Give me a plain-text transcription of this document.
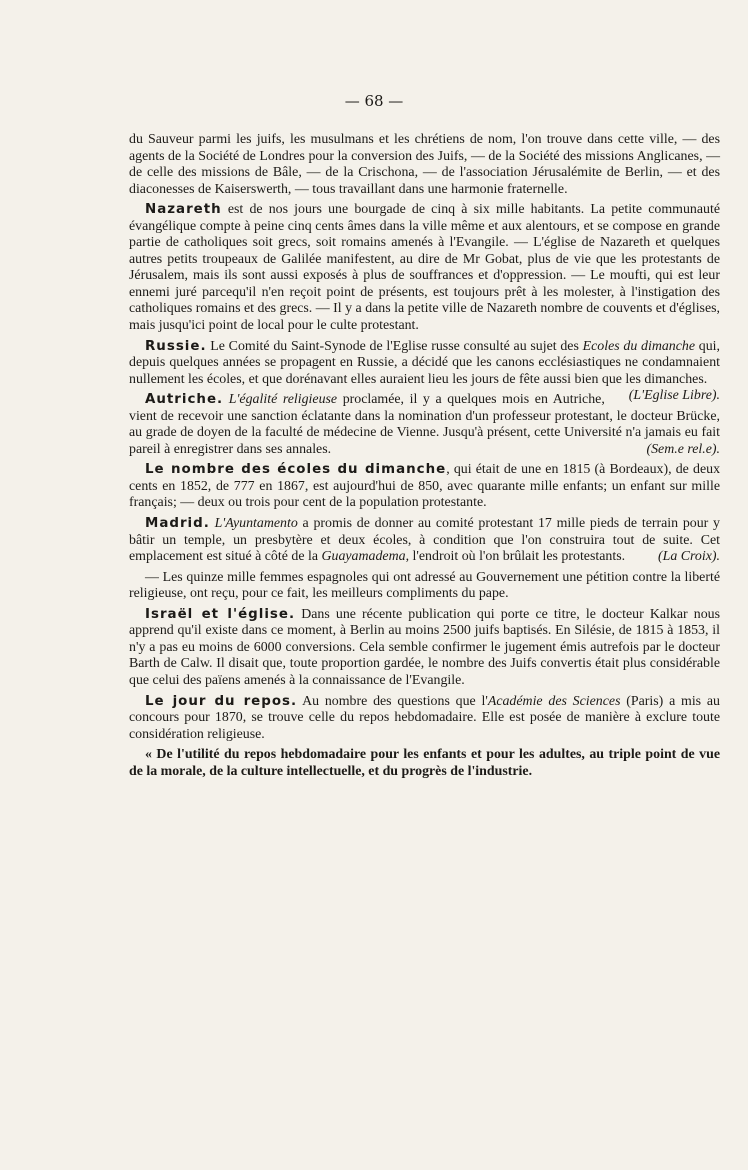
— 68 —

du Sauveur parmi les juifs, les musulmans et les chrétiens de nom, l'on trouve dans cette ville, — des agents de la Société de Londres pour la conversion des Juifs, — de la Société des missions Anglicanes, — de celle des missions de Bâle, — de la Crischona, — de l'association Jérusalémite de Berlin, — et des diaconesses de Kaiserswerth, — tous travaillant dans une harmonie fraternelle.

Nazareth est de nos jours une bourgade de cinq à six mille habitants. La petite communauté évangélique compte à peine cinq cents âmes dans la ville même et aux alentours, et se compose en grande partie de catholiques soit grecs, soit romains amenés à l'Evangile. — L'église de Nazareth et quelques autres petits troupeaux de Galilée manifestent, au dire de Mr Gobat, plus de vie que les protestants de Jérusalem, mais ils sont aussi exposés à plus de souffrances et d'oppression. — Le moufti, qui est leur ennemi juré parcequ'il n'en reçoit point de présents, est toujours prêt à les molester, à l'instigation des catholiques romains et des grecs. — Il y a dans la petite ville de Nazareth nombre de couvents et d'églises, mais jusqu'ici point de local pour le culte protestant.

Russie. Le Comité du Saint-Synode de l'Eglise russe consulté au sujet des Ecoles du dimanche qui, depuis quelques années se propagent en Russie, a décidé que les canons ecclésiastiques ne condamnaient nullement les écoles, et que dorénavant elles auraient lieu les jours de fête aussi bien que les dimanches.
(L'Eglise Libre).

Autriche. L'égalité religieuse proclamée, il y a quelques mois en Autriche, vient de recevoir une sanction éclatante dans la nomination d'un professeur protestant, le docteur Brücke, au grade de doyen de la faculté de médecine de Vienne. Jusqu'à présent, cette Université n'a jamais eu fait pareil à enregistrer dans ses annales.	(Sem.e rel.e).

Le nombre des écoles du dimanche, qui était de une en 1815 (à Bordeaux), de deux cents en 1852, de 777 en 1867, est aujourd'hui de 850, avec quarante mille enfants; un enfant sur mille français; — deux ou trois pour cent de la population protestante.

Madrid. L'Ayuntamento a promis de donner au comité protestant 17 mille pieds de terrain pour y bâtir un temple, un presbytère et deux écoles, à condition que l'on construira tout de suite. Cet emplacement est situé à côté de la Guayamadema, l'endroit où l'on brûlait les protestants.	(La Croix).

— Les quinze mille femmes espagnoles qui ont adressé au Gouvernement une pétition contre la liberté religieuse, ont reçu, pour ce fait, les meilleurs compliments du pape.

Israël et l'église. Dans une récente publication qui porte ce titre, le docteur Kalkar nous apprend qu'il existe dans ce moment, à Berlin au moins 2500 juifs baptisés. En Silésie, de 1815 à 1853, il n'y a pas eu moins de 6000 conversions. Cela semble confirmer le jugement émis autrefois par le docteur Barth de Calw. Il disait que, toute proportion gardée, le nombre des Juifs convertis était plus considérable que celui des païens amenés à la connaissance de l'Evangile.

Le jour du repos. Au nombre des questions que l'Académie des Sciences (Paris) a mis au concours pour 1870, se trouve celle du repos hebdomadaire. Elle est posée de manière à exclure toute considération religieuse.

« De l'utilité du repos hebdomadaire pour les enfants et pour les adultes, au triple point de vue de la morale, de la culture intellectuelle, et du progrès de l'industrie.
